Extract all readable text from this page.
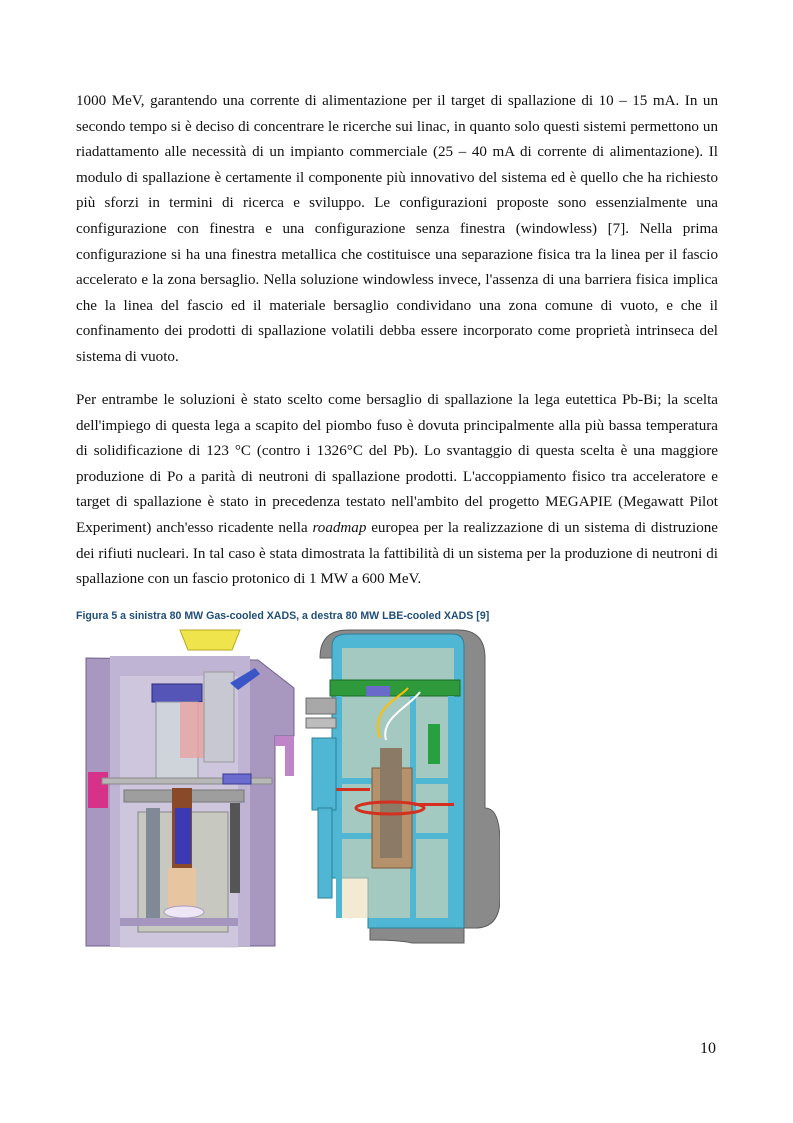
1000 MeV, garantendo una corrente di alimentazione per il target di spallazione di 10 – 15 mA. In un secondo tempo si è deciso di concentrare le ricerche sui linac, in quanto solo questi sistemi permettono un riadattamento alle necessità di un impianto commerciale (25 – 40 mA di corrente di alimentazione). Il modulo di spallazione è certamente il componente più innovativo del sistema ed è quello che ha richiesto più sforzi in termini di ricerca e sviluppo. Le configurazioni proposte sono essenzialmente una configurazione con finestra e una configurazione senza finestra (windowless) [7]. Nella prima configurazione si ha una finestra metallica che costituisce una separazione fisica tra la linea per il fascio accelerato e la zona bersaglio. Nella soluzione windowless invece, l'assenza di una barriera fisica implica che la linea del fascio ed il materiale bersaglio condividano una zona comune di vuoto, e che il confinamento dei prodotti di spallazione volatili debba essere incorporato come proprietà intrinseca del sistema di vuoto.

Per entrambe le soluzioni è stato scelto come bersaglio di spallazione la lega eutettica Pb-Bi; la scelta dell'impiego di questa lega a scapito del piombo fuso è dovuta principalmente alla più bassa temperatura di solidificazione di 123 °C (contro i 1326°C del Pb). Lo svantaggio di questa scelta è una maggiore produzione di Po a parità di neutroni di spallazione prodotti. L'accoppiamento fisico tra acceleratore e target di spallazione è stato in precedenza testato nell'ambito del progetto MEGAPIE (Megawatt Pilot Experiment) anch'esso ricadente nella roadmap europea per la realizzazione di un sistema di distruzione dei rifiuti nucleari. In tal caso è stata dimostrata la fattibilità di un sistema per la produzione di neutroni di spallazione con un fascio protonico di 1 MW a 600 MeV.

Figura 5 a sinistra 80 MW Gas-cooled XADS, a destra 80 MW LBE-cooled XADS [9]

10
